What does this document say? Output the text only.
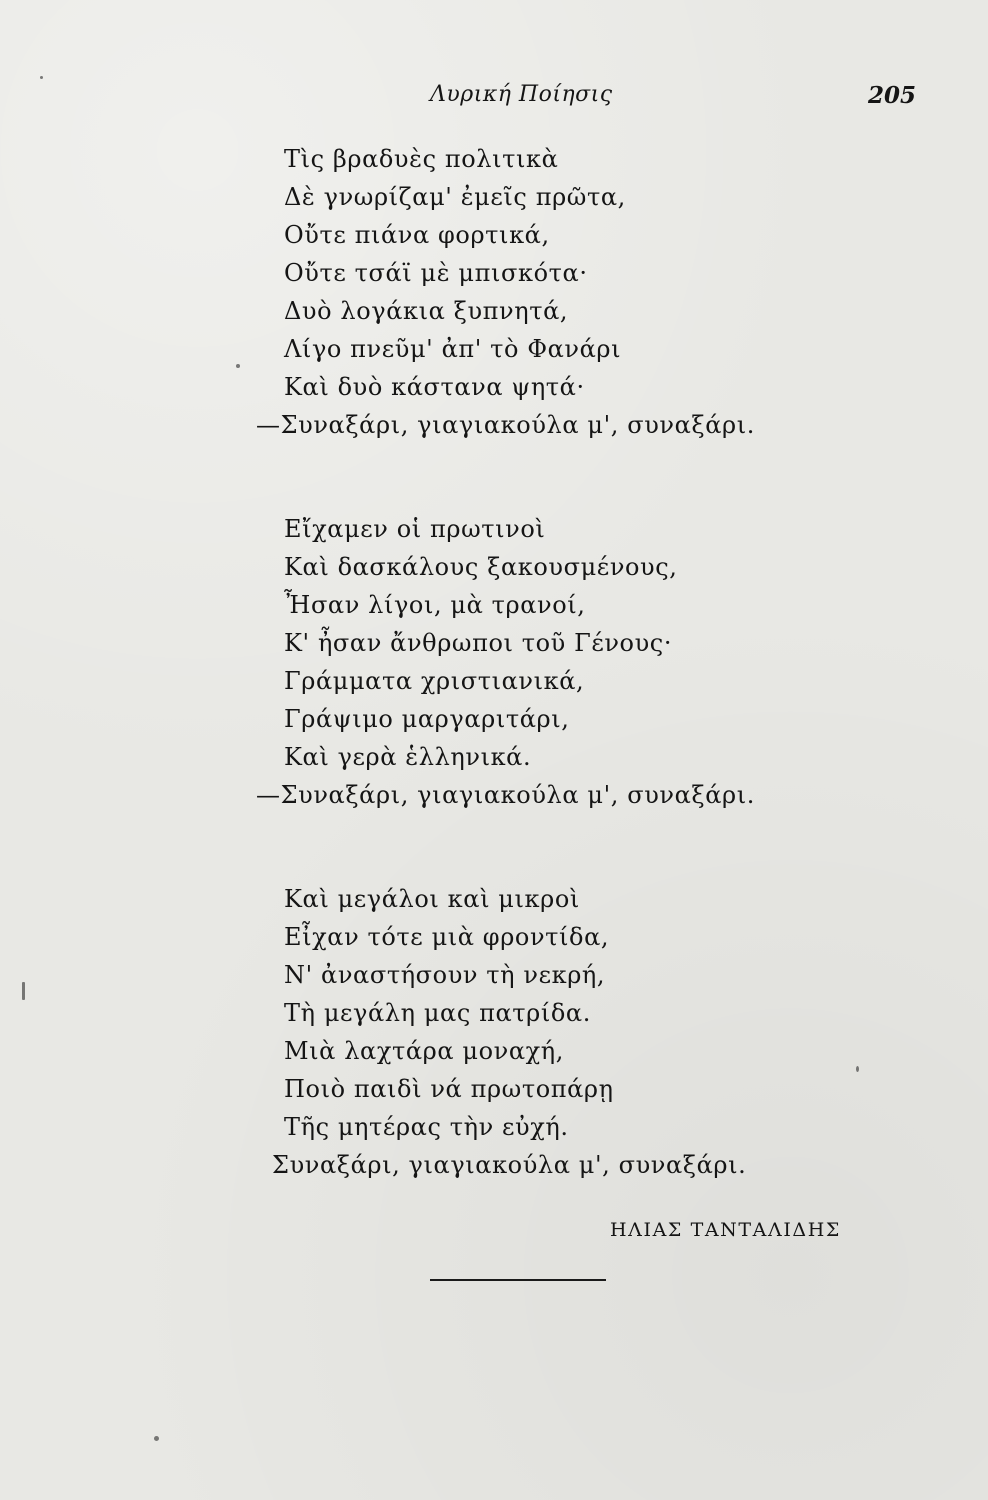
Λυρική Ποίησις	205
Τὶς βραδυὲς πολιτικὰ
Δὲ γνωρίζαμ' ἐμεῖς πρῶτα,
Οὔτε πιάνα φορτικά,
Οὔτε τσάϊ μὲ μπισκότα·
Δυὸ λογάκια ξυπνητά,
Λίγο πνεῦμ' ἀπ' τὸ Φανάρι
Καὶ δυὸ κάστανα ψητά·
—Συναξάρι, γιαγιακούλα μ', συναξάρι.
Εἴχαμεν οἱ πρωτινοὶ
Καὶ δασκάλους ξακουσμένους,
Ἦσαν λίγοι, μὰ τρανοί,
Κ' ἦσαν ἄνθρωποι τοῦ Γένους·
Γράμματα χριστιανικά,
Γράψιμο μαργαριτάρι,
Καὶ γερὰ ἑλληνικά.
—Συναξάρι, γιαγιακούλα μ', συναξάρι.
Καὶ μεγάλοι καὶ μικροὶ
Εἶχαν τότε μιὰ φροντίδα,
Ν' ἀναστήσουν τὴ νεκρή,
Τὴ μεγάλη μας πατρίδα.
Μιὰ λαχτάρα μοναχή,
Ποιὸ παιδὶ νά πρωτοπάρῃ
Τῆς μητέρας τὴν εὐχή.
Συναξάρι, γιαγιακούλα μ', συναξάρι.
ΗΛΙΑΣ ΤΑΝΤΑΛΙΔΗΣ
